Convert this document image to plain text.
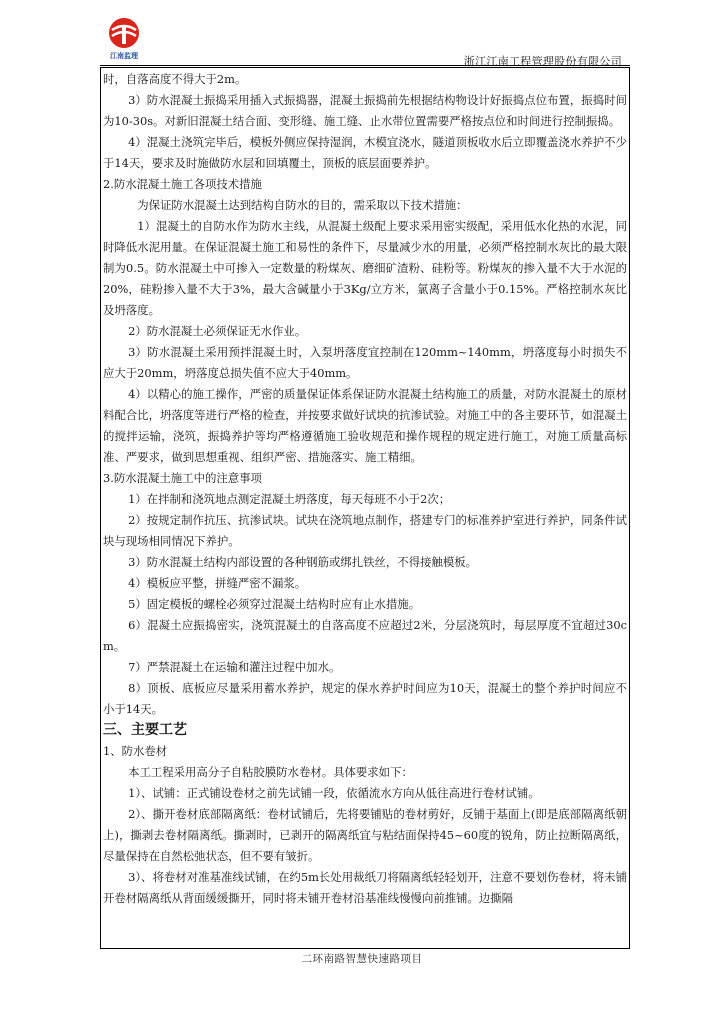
江南监理	浙江江南工程管理股份有限公司

时，自落高度不得大于2m。

3）防水混凝土振捣采用插入式振捣器，混凝土振捣前先根据结构物设计好振捣点位布置，振捣时间为10-30s。对新旧混凝土结合面、变形缝、施工缝、止水带位置需要严格按点位和时间进行控制振捣。

4）混凝土浇筑完毕后，模板外侧应保持湿润，木模宜浇水，隧道顶板收水后立即覆盖浇水养护不少于14天，要求及时施做防水层和回填覆土，顶板的底层面要养护。

2.防水混凝土施工各项技术措施

为保证防水混凝土达到结构自防水的目的，需采取以下技术措施：

1）混凝土的自防水作为防水主线，从混凝土级配上要求采用密实级配，采用低水化热的水泥，同时降低水泥用量。在保证混凝土施工和易性的条件下，尽量减少水的用量，必须严格控制水灰比的最大限制为0.5。防水混凝土中可掺入一定数量的粉煤灰、磨细矿渣粉、硅粉等。粉煤灰的掺入量不大于水泥的20%，硅粉掺入量不大于3%，最大含碱量小于3Kg/立方米，氯离子含量小于0.15%。严格控制水灰比及坍落度。

2）防水混凝土必须保证无水作业。

3）防水混凝土采用预拌混凝土时，入泵坍落度宜控制在120mm~140mm，坍落度每小时损失不应大于20mm，坍落度总损失值不应大于40mm。

4）以精心的施工操作，严密的质量保证体系保证防水混凝土结构施工的质量，对防水混凝土的原材料配合比，坍落度等进行严格的检查，并按要求做好试块的抗渗试验。对施工中的各主要环节，如混凝土的搅拌运输，浇筑，振捣养护等均严格遵循施工验收规范和操作规程的规定进行施工，对施工质量高标准、严要求，做到思想重视、组织严密、措施落实、施工精细。

3.防水混凝土施工中的注意事项

1）在拌制和浇筑地点测定混凝土坍落度，每天每班不小于2次；

2）按规定制作抗压、抗渗试块。试块在浇筑地点制作，搭建专门的标准养护室进行养护，同条件试块与现场相同情况下养护。

3）防水混凝土结构内部设置的各种钢筋或绑扎铁丝，不得接触模板。

4）模板应平整，拼缝严密不漏浆。

5）固定模板的螺栓必须穿过混凝土结构时应有止水措施。

6）混凝土应振捣密实，浇筑混凝土的自落高度不应超过2米，分层浇筑时，每层厚度不宜超过30cm。

7）严禁混凝土在运输和灌注过程中加水。

8）顶板、底板应尽量采用蓄水养护，规定的保水养护时间应为10天，混凝土的整个养护时间应不小于14天。

三、主要工艺

1、防水卷材

本工工程采用高分子自粘胶膜防水卷材。具体要求如下：

1）、试铺：正式铺设卷材之前先试铺一段，依循流水方向从低往高进行卷材试铺。

2）、撕开卷材底部隔离纸：卷材试铺后，先将要铺贴的卷材剪好，反铺于基面上(即是底部隔离纸朝上)，撕剥去卷材隔离纸。撕剥时，已剥开的隔离纸宜与粘结面保持45~60度的锐角，防止拉断隔离纸，尽量保持在自然松弛状态，但不要有皱折。

3）、将卷材对准基准线试铺，在约5m长处用裁纸刀将隔离纸轻轻划开，注意不要划伤卷材，将未铺开卷材隔离纸从背面缓缓撕开，同时将未铺开卷材沿基准线慢慢向前推铺。边撕隔

二环南路智慧快速路项目
